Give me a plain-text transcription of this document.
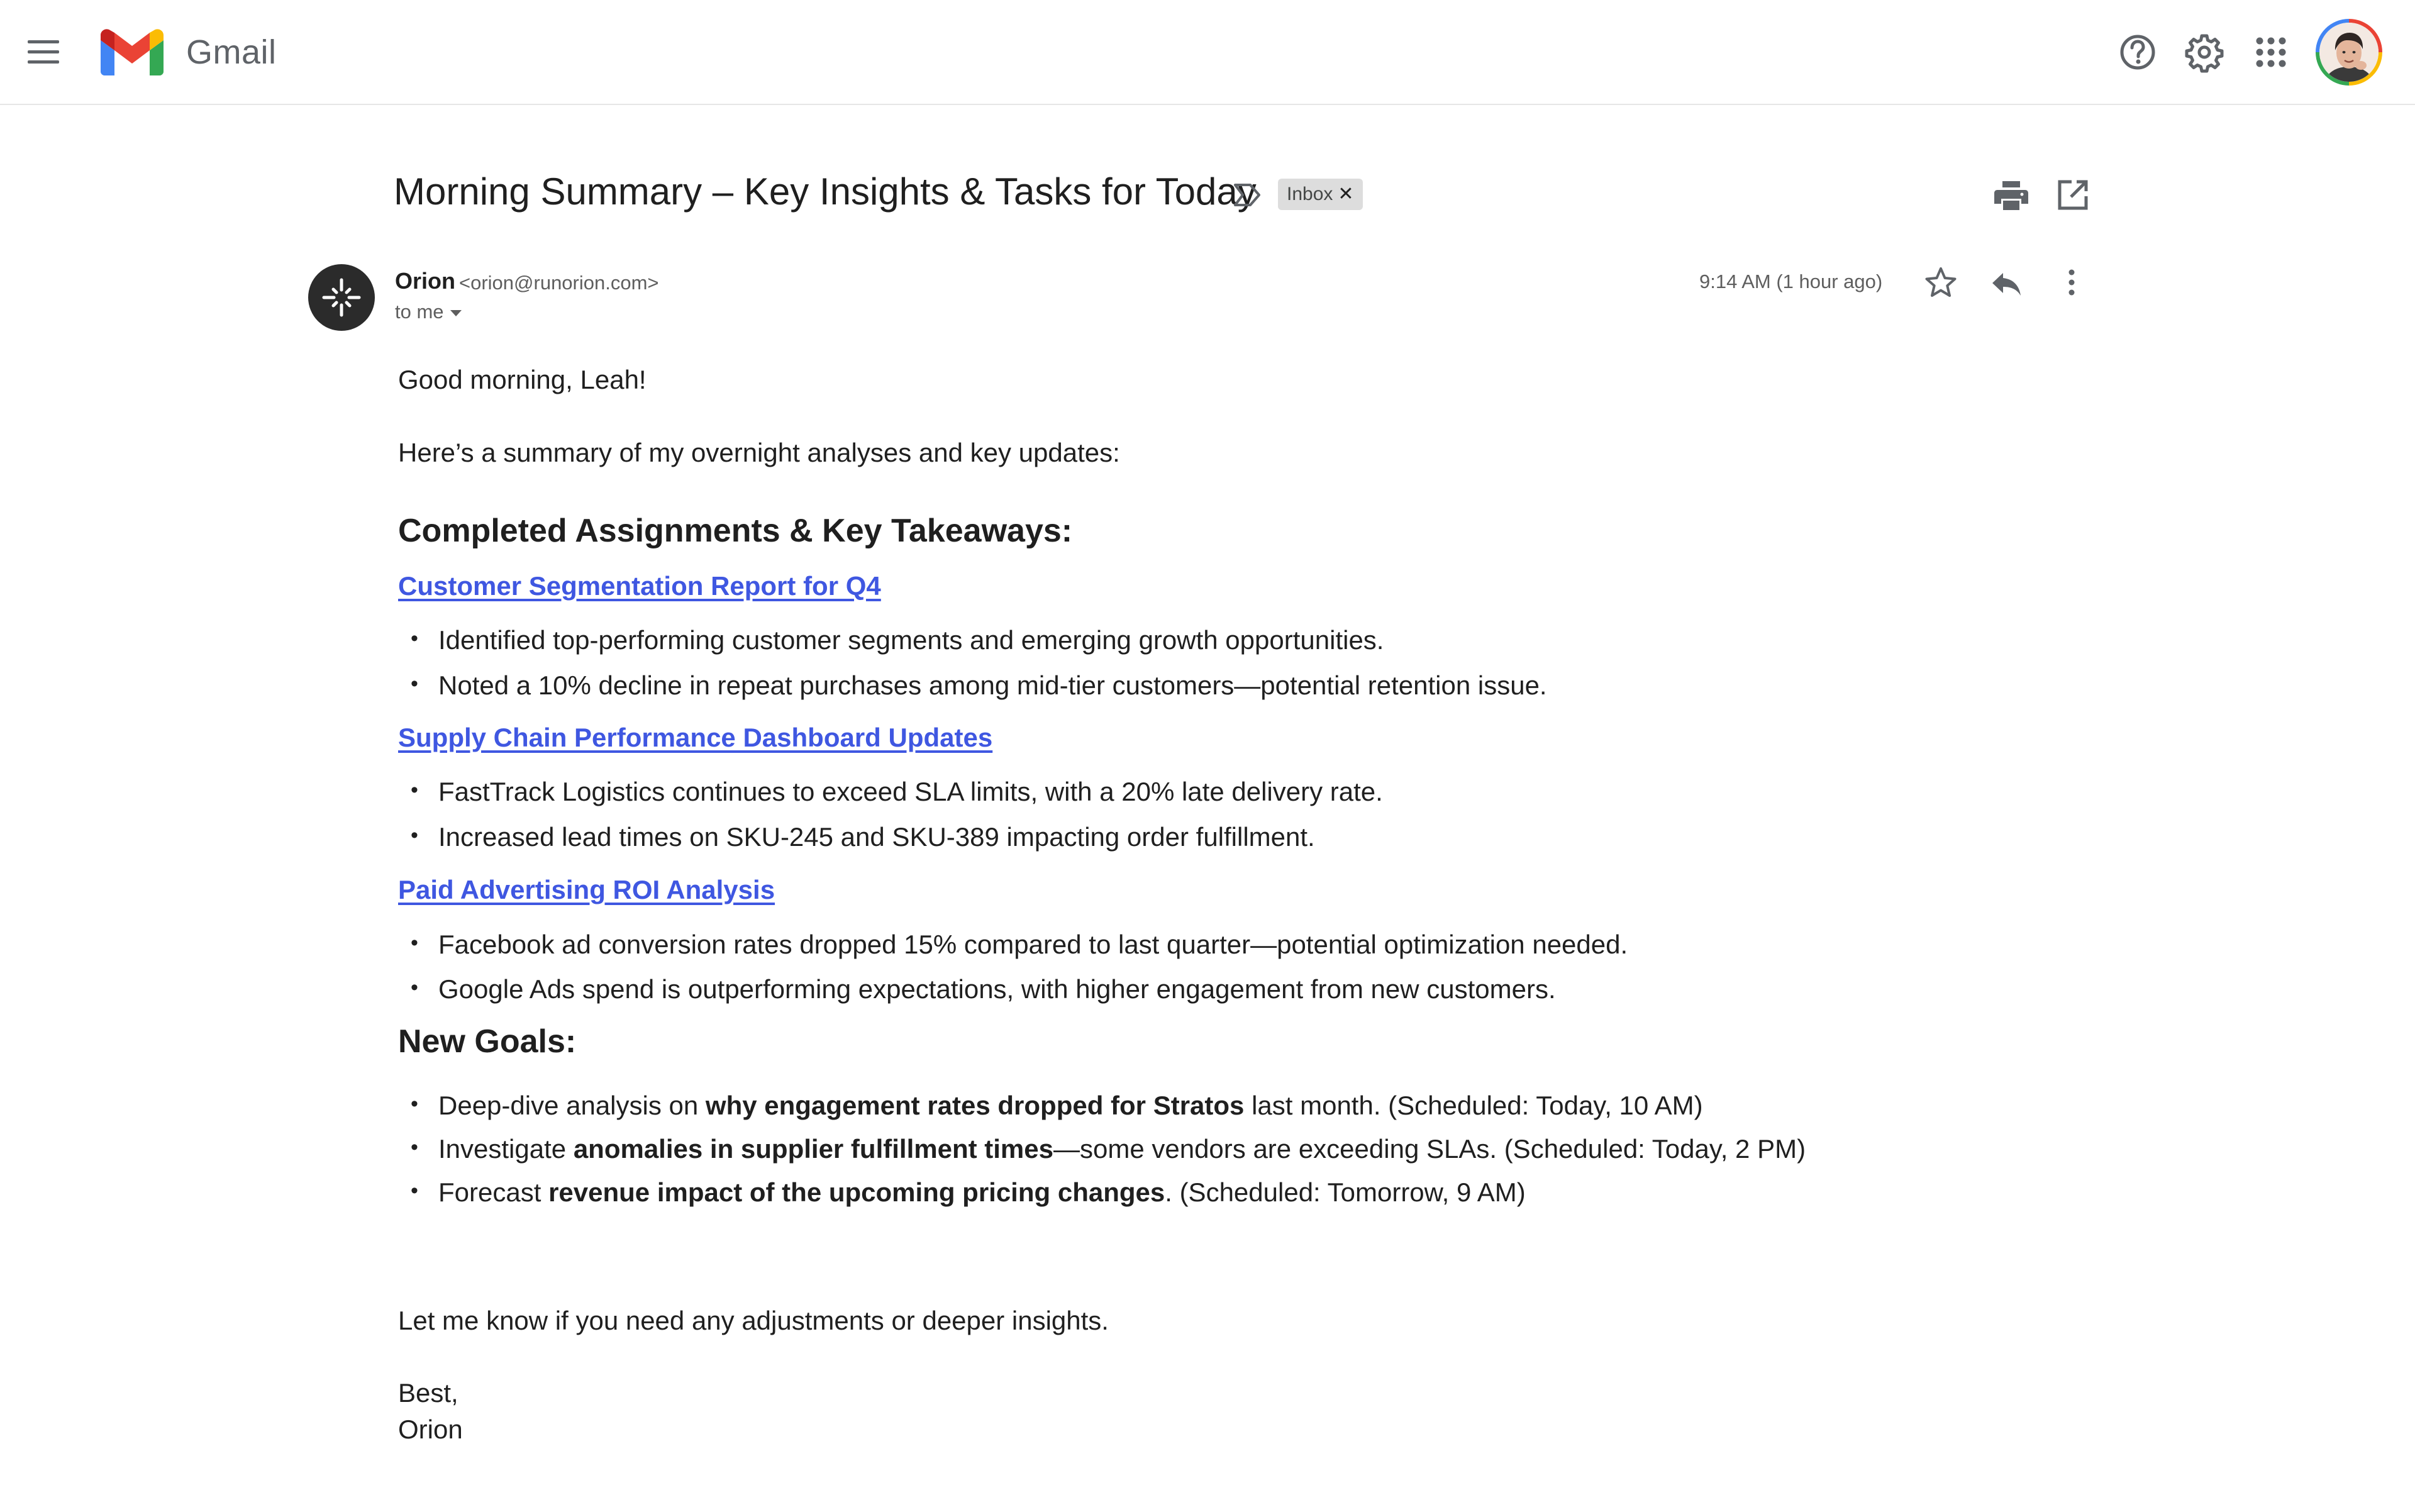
Gmail
Morning Summary – Key Insights & Tasks for Today	Inbox ✕
Orion <orion@runorion.com>
to me
9:14 AM (1 hour ago)
Good morning, Leah!
Here’s a summary of my overnight analyses and key updates:
Completed Assignments & Key Takeaways:
Customer Segmentation Report for Q4
• Identified top-performing customer segments and emerging growth opportunities.
• Noted a 10% decline in repeat purchases among mid-tier customers—potential retention issue.
Supply Chain Performance Dashboard Updates
• FastTrack Logistics continues to exceed SLA limits, with a 20% late delivery rate.
• Increased lead times on SKU-245 and SKU-389 impacting order fulfillment.
Paid Advertising ROI Analysis
• Facebook ad conversion rates dropped 15% compared to last quarter—potential optimization needed.
• Google Ads spend is outperforming expectations, with higher engagement from new customers.
New Goals:
• Deep-dive analysis on why engagement rates dropped for Stratos last month. (Scheduled: Today, 10 AM)
• Investigate anomalies in supplier fulfillment times—some vendors are exceeding SLAs. (Scheduled: Today, 2 PM)
• Forecast revenue impact of the upcoming pricing changes. (Scheduled: Tomorrow, 9 AM)
Let me know if you need any adjustments or deeper insights.
Best,
Orion
